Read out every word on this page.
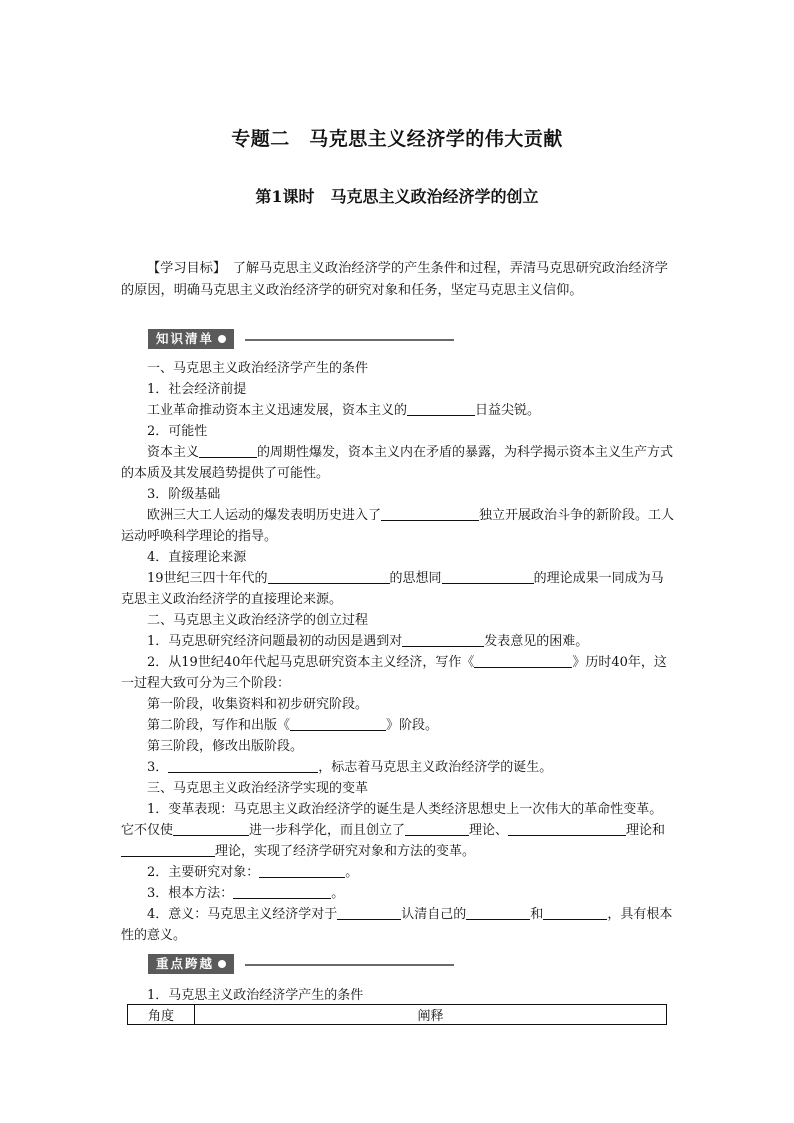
专题二　马克思主义经济学的伟大贡献
第1课时　马克思主义政治经济学的创立
【学习目标】　了解马克思主义政治经济学的产生条件和过程，弄清马克思研究政治经济学的原因，明确马克思主义政治经济学的研究对象和任务，坚定马克思主义信仰。
知识清单

一、马克思主义政治经济学产生的条件

1．社会经济前提

工业革命推动资本主义迅速发展，资本主义的	日益尖锐。

2．可能性

资本主义	的周期性爆发，资本主义内在矛盾的暴露，为科学揭示资本主义生产方式的本质及其发展趋势提供了可能性。

3．阶级基础

欧洲三大工人运动的爆发表明历史进入了	独立开展政治斗争的新阶段。工人运动呼唤科学理论的指导。

4．直接理论来源

19世纪三四十年代的	的思想同	的理论成果一同成为马克思主义政治经济学的直接理论来源。

二、马克思主义政治经济学的创立过程

1．马克思研究经济问题最初的动因是遇到对	发表意见的困难。

2．从19世纪40年代起马克思研究资本主义经济，写作《	》历时40年，这一过程大致可分为三个阶段：

第一阶段，收集资料和初步研究阶段。

第二阶段，写作和出版《	》阶段。

第三阶段，修改出版阶段。

3．	，标志着马克思主义政治经济学的诞生。

三、马克思主义政治经济学实现的变革

1．变革表现：马克思主义政治经济学的诞生是人类经济思想史上一次伟大的革命性变革。它不仅使	进一步科学化，而且创立了	理论、	理论和理论，实现了经济学研究对象和方法的变革。

2．主要研究对象：	。

3．根本方法：	。

4．意义：马克思主义经济学对于	认清自己的	和	，具有根本性的意义。

重点跨越
1．马克思主义政治经济学产生的条件
角度	阐释
